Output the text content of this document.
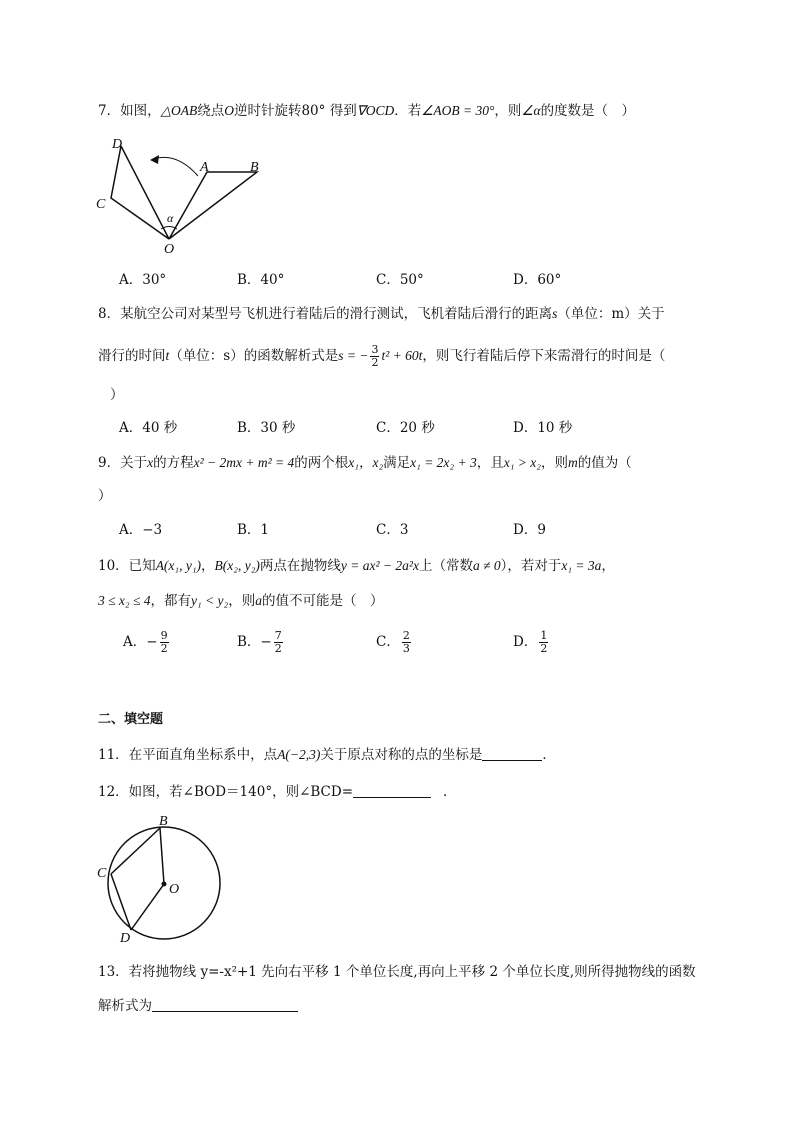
7．如图，△OAB绕点O逆时针旋转80° 得到∇OCD．若∠AOB = 30°，则∠α的度数是（　）
D
A	B
C
α
O
A．30°	B．40°	C．50°	D．60°
8．某航空公司对某型号飞机进行着陆后的滑行测试，飞机着陆后滑行的距离s（单位：m）关于
滑行的时间t（单位：s）的函数解析式是s = − $\frac{3}{2} t^2 + 60t$，则飞行着陆后停下来需滑行的时间是（
）
A．40 秒	B．30 秒	C．20 秒	D．10 秒
9．关于x的方程x² − 2mx + m² = 4的两个根x₁，x₂满足x₁ = 2x₂ + 3，且x₁ > x₂，则m的值为（
）
A．−3	B．1	C．3	D．9
10．已知A(x₁, y₁)，B(x₂, y₂)两点在抛物线y = ax² − 2a²x上（常数a ≠ 0），若对于x₁ = 3a，
3 ≤ x₂ ≤ 4，都有y₁ < y₂，则a的值不可能是（　）
A．− $\frac{9}{2}$	B．− $\frac{7}{2}$	C． $\frac{2}{3}$	D． $\frac{1}{2}$
二、填空题
11．在平面直角坐标系中，点A(−2,3)关于原点对称的点的坐标是	．
12．如图，若∠BOD＝140°，则∠BCD=	．
B
C
O
D
13．若将抛物线 y=-x²+1 先向右平移 1 个单位长度,再向上平移 2 个单位长度,则所得抛物线的函数
解析式为
